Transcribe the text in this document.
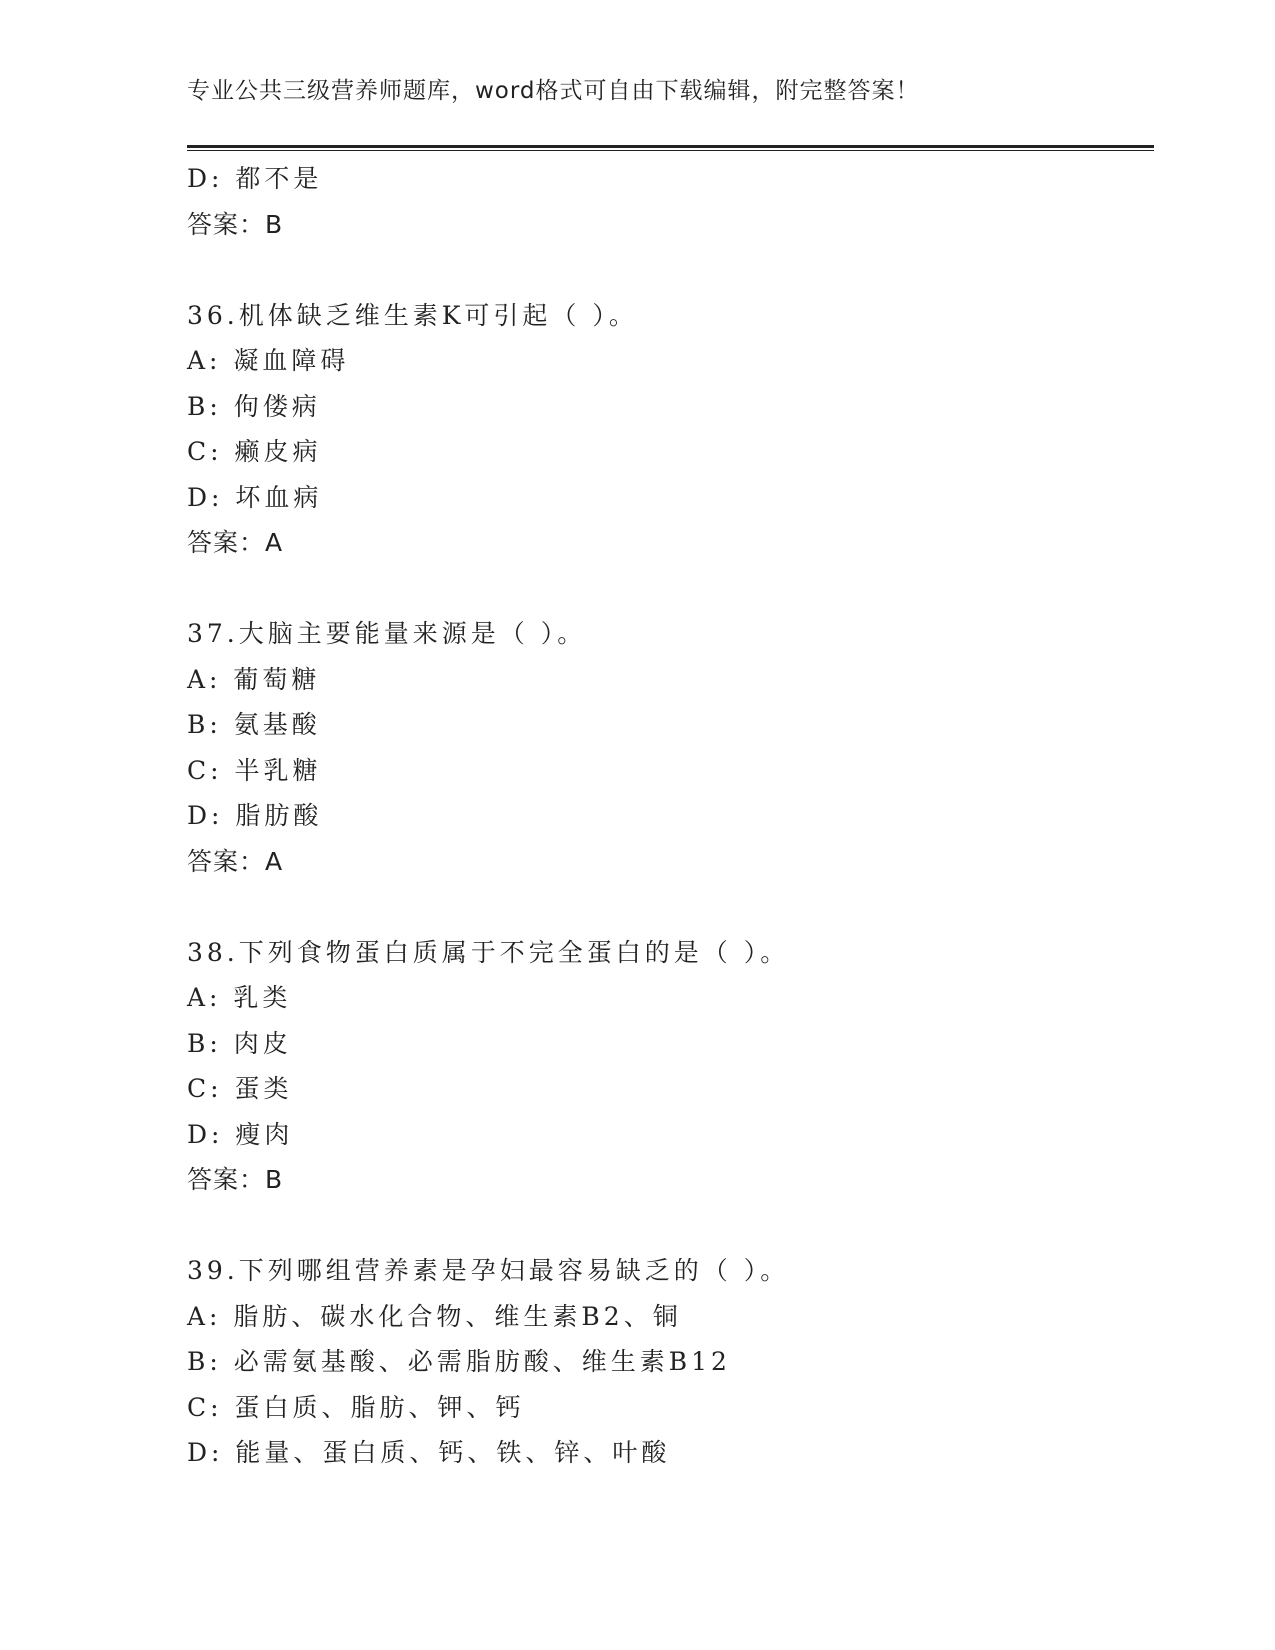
专业公共三级营养师题库，word格式可自由下载编辑，附完整答案！
D: 都不是
答案：B
36.机体缺乏维生素K可引起（ ）。
A: 凝血障碍
B: 佝偻病
C: 癞皮病
D: 坏血病
答案：A
37.大脑主要能量来源是（ ）。
A: 葡萄糖
B: 氨基酸
C: 半乳糖
D: 脂肪酸
答案：A
38.下列食物蛋白质属于不完全蛋白的是（ ）。
A: 乳类
B: 肉皮
C: 蛋类
D: 瘦肉
答案：B
39.下列哪组营养素是孕妇最容易缺乏的（ ）。
A: 脂肪、碳水化合物、维生素B2、铜
B: 必需氨基酸、必需脂肪酸、维生素B12
C: 蛋白质、脂肪、钾、钙
D: 能量、蛋白质、钙、铁、锌、叶酸
